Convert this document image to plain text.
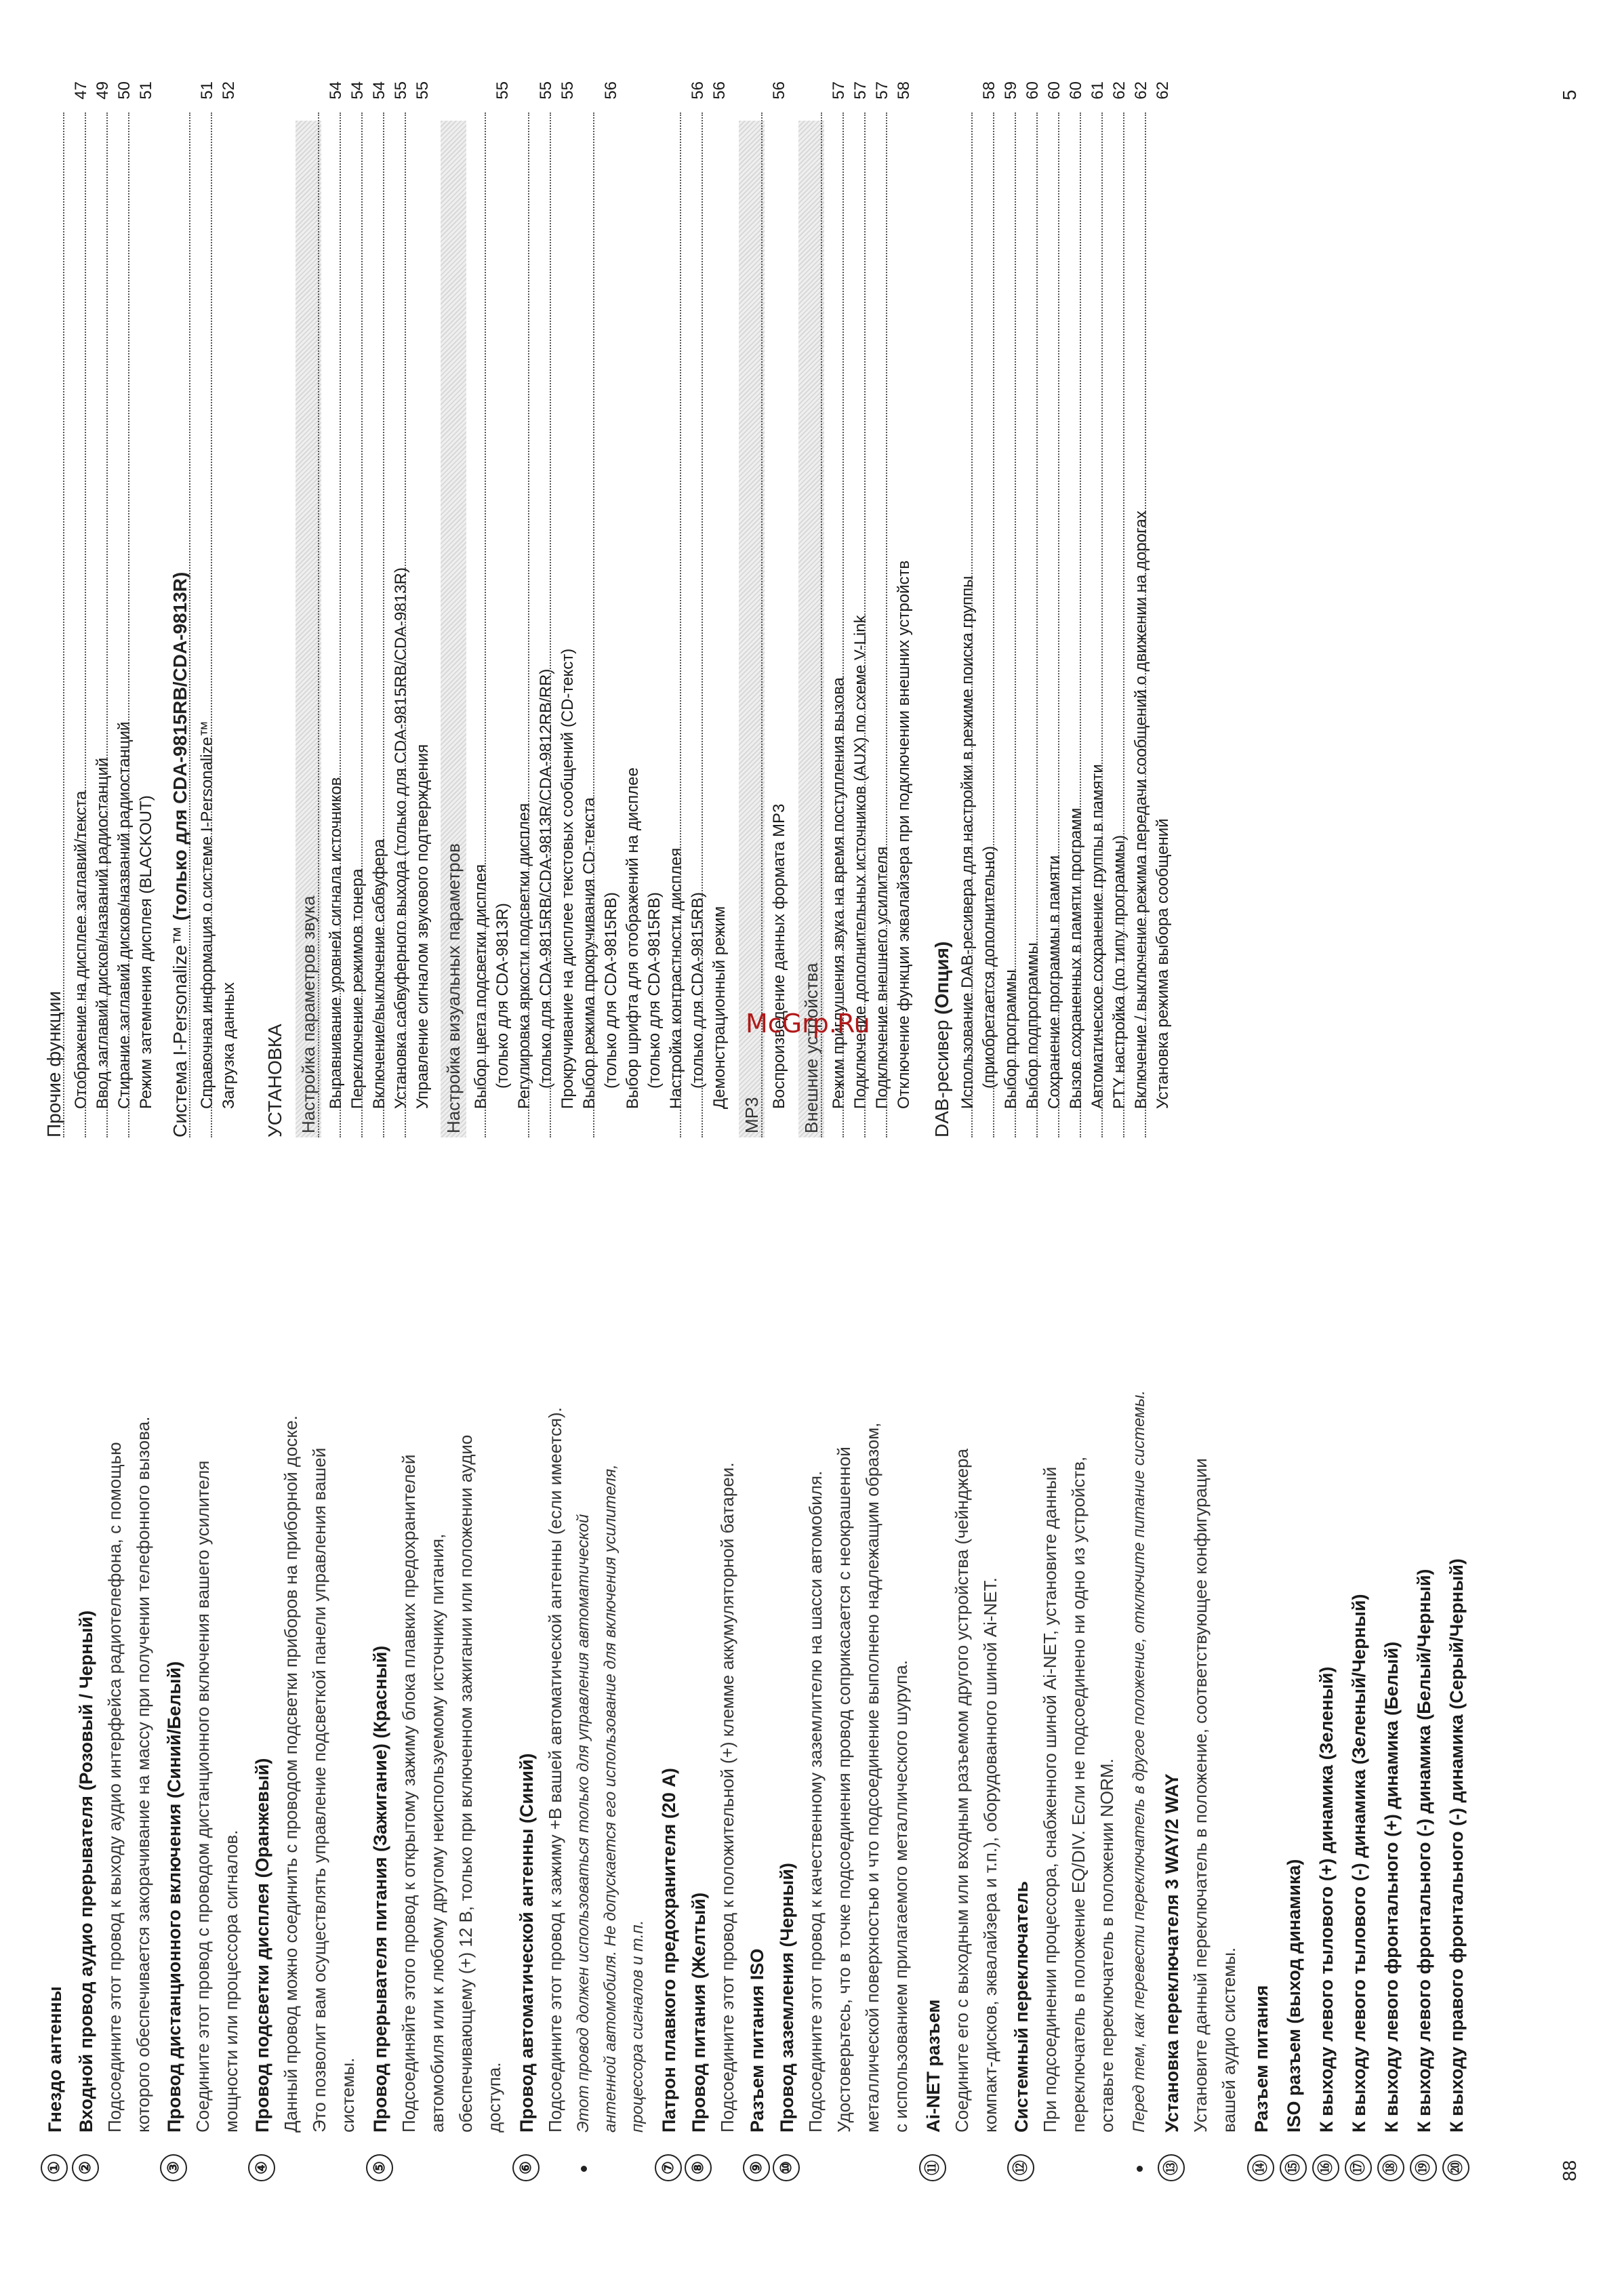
①
Гнездо антенны
②
Входной провод аудио прерывателя (Розовый / Черный) Подсоедините этот провод к выходу аудио интерфейса радиотелефона, с помощью которого обеспечивается закорачивание на массу при получении телефонного вызова.
③
Провод дистанционного включения (Синий/Белый) Соедините этот провод с проводом дистанционного включения вашего усилителя мощности или процессора сигналов.
④
Провод подсветки дисплея (Оранжевый) Данный провод можно соединить с проводом подсветки приборов на приборной доске. Это позволит вам осуществлять управление подсветкой панели управления вашей системы.
⑤
Провод прерывателя питания (Зажигание) (Красный) Подсоединяйте этого провод к открытому зажиму блока плавких предохранителей автомобиля или к любому другому неиспользуемому источнику питания, обеспечивающему (+) 12 В, только при включенном зажигании или положении аудио доступа.
⑥
Провод автоматической антенны (Синий) Подсоедините этот провод к зажиму +В вашей автоматической антенны (если имеется). Этот провод должен использоваться только для управления автоматической антенной автомобиля. Не допускается его использование для включения усилителя, процессора сигналов и т.п.
⑦
Патрон плавкого предохранителя (20 А)
⑧
Провод питания (Желтый) Подсоедините этот провод к положительной (+) клемме аккумуляторной батареи.
⑨
Разъем питания ISO
⑩
Провод заземления (Черный) Подсоедините этот провод к качественному заземлителю на шасси автомобиля. Удостоверьтесь, что в точке подсоединения провод соприкасается с неокрашенной металлической поверхностью и что подсоединение выполнено надлежащим образом, с использованием прилагаемого металлического шурупа.
⑪
Ai-NET разъем Соедините его с выходным или входным разъемом другого устройства (чейнджера компакт-дисков, эквалайзера и т.п.), оборудованного шиной Ai-NET.
⑫
Системный переключатель При подсоединении процессора, снабженного шиной Ai-NET, установите данный переключатель в положение EQ/DIV. Если не подсоединено ни одно из устройств, оставьте переключатель в положении NORM. Перед тем, как перевести переключатель в другое положение, отключите питание системы.
⑬
Установка переключателя 3 WAY/2 WAY Установите данный переключатель в положение, соответствующее конфигурации вашей аудио системы.
⑭
Разъем питания
⑮
ISO разъем (выход динамика)
⑯
К выходу левого тылового (+) динамика (Зеленый)
⑰
К выходу левого тылового (-) динамика (Зеленый/Черный)
⑱
К выходу левого фронтального (+) динамика (Белый)
⑲
К выходу левого фронтального (-) динамика (Белый/Черный)
⑳
К выходу правого фронтального (-) динамика (Серый/Черный)
88
Прочие функции Отображение на дисплее заглавий/текста
47
Ввод заглавий дисков/названий радиостанций
49
Стирание заглавий дисков/названий радиостанций
50
Режим затемнения дисплея (BLACKOUT)
51
Система I-Personalize™ (только для CDA-9815RB/CDA-9813R) Справочная информация о системе I-Personalize™
51
Загрузка данных
52
УСТАНОВКА Настройка параметров звука Выравнивание уровней сигнала источников
54
Переключение режимов тонера
54
Включение/выключение сабвуфера
54
Установка сабвуферного выхода (только для CDA-9815RB/CDA-9813R)
55
Управление сигналом звукового подтверждения
55
Настройка визуальных параметров Выбор цвета подсветки дисплея (только для CDA-9813R)
55
Регулировка яркости подсветки дисплея (только для CDA-9815RB/CDA-9813R/CDA-9812RB/RR)
55
Прокручивание на дисплее текстовых сообщений (CD-текст)
55
Выбор режима прокручивания CD-текста (только для CDA-9815RB)
56
Выбор шрифта для отображений на дисплее (только для CDA-9815RB) Настройка контрастности дисплея (только для CDA-9815RB)
56
Демонстрационный режим
56
MP3
Воспроизведение данных формата MP3
56
Внешние устройства Режим приглушения звука на время поступления вызова
57
Подключение дополнительных источников (AUX) по схеме V-Link
57
Подключение внешнего усилителя
57
Отключение функции эквалайзера при подключении внешних устройств
58
DAB-ресивер (Опция) Использование DAB-ресивера для настройки в режиме поиска группы (приобретается дополнительно)
58
Выбор программы
59
Выбор подпрограммы
60
Сохранение программы в памяти
60
Вызов сохраненных в памяти программ
60
Автоматическое сохранение группы в памяти
61
PTY настройка (по типу программы)
62
Включение / выключение режима передачи сообщений о движении на дорогах
62
Установка режима выбора сообщений
62
McGrp.Ru
5
